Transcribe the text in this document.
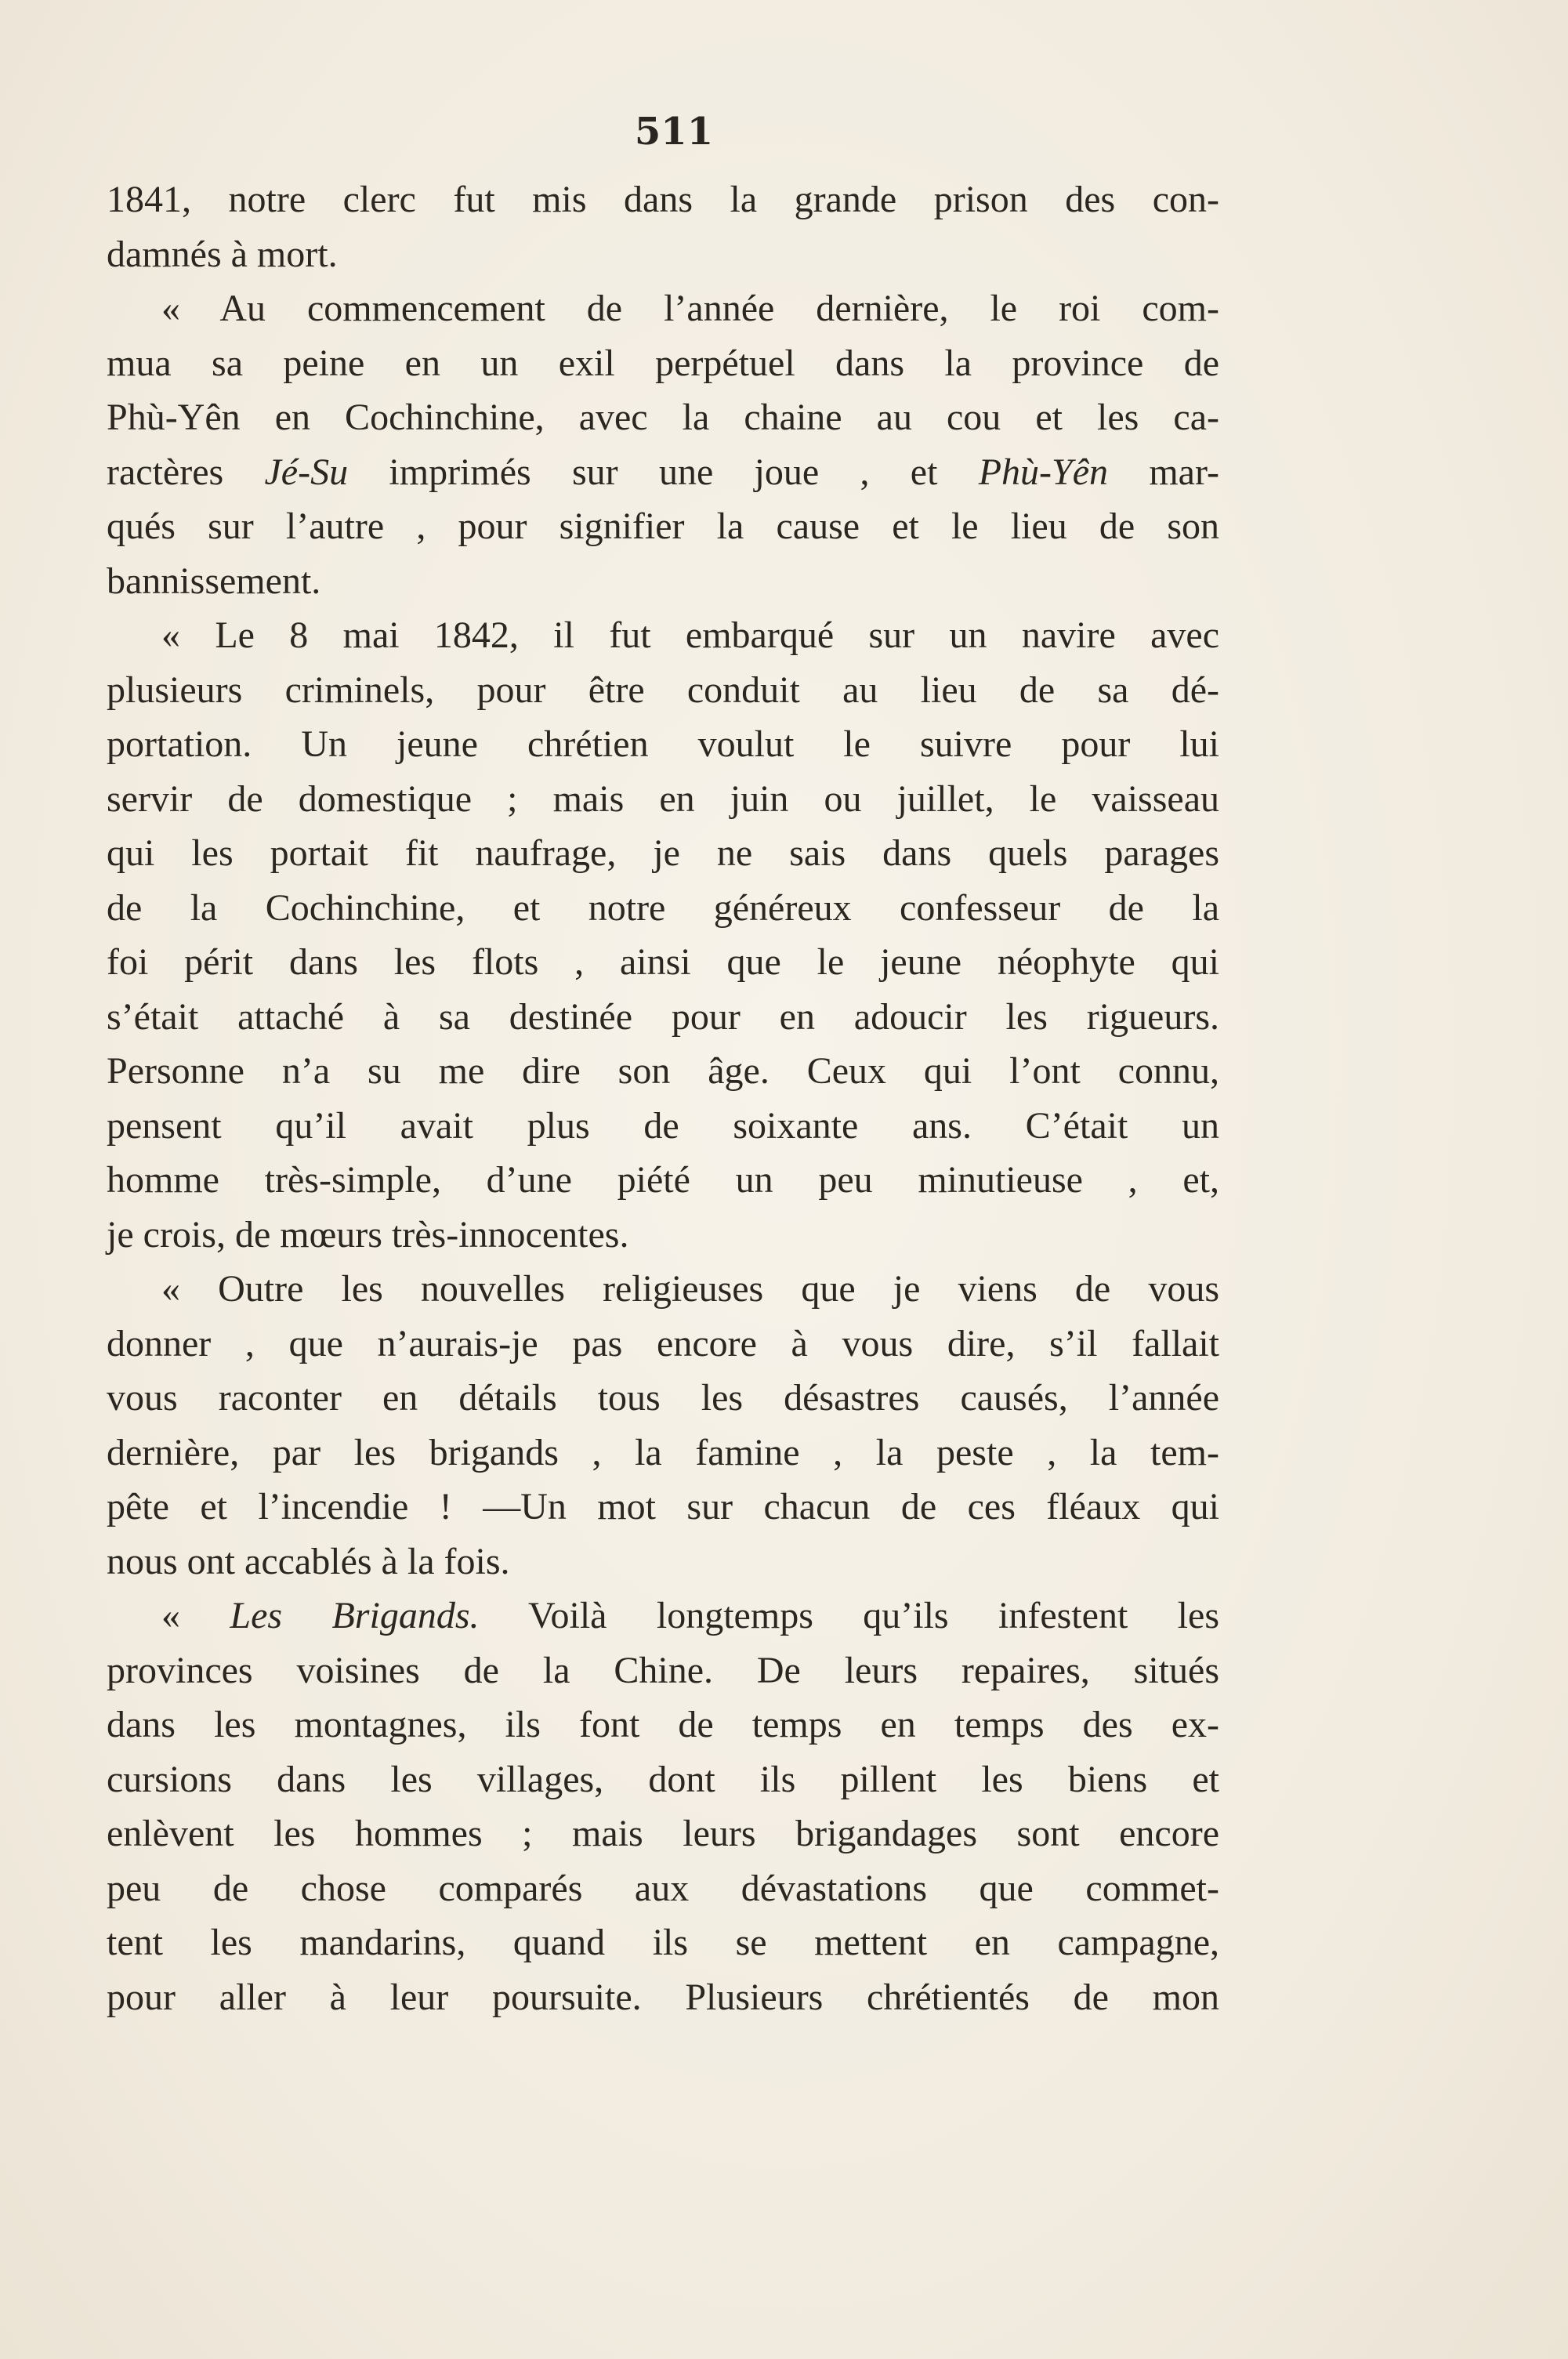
511
1841, notre clerc fut mis dans la grande prison des con-
damnés à mort.
« Au commencement de l’année dernière, le roi com-
mua sa peine en un exil perpétuel dans la province de
Phù-Yên en Cochinchine, avec la chaine au cou et les ca-
ractères Jé-Su imprimés sur une joue , et Phù-Yên mar-
qués sur l’autre , pour signifier la cause et le lieu de son
bannissement.
« Le 8 mai 1842, il fut embarqué sur un navire avec
plusieurs criminels, pour être conduit au lieu de sa dé-
portation. Un jeune chrétien voulut le suivre pour lui
servir de domestique ; mais en juin ou juillet, le vaisseau
qui les portait fit naufrage, je ne sais dans quels parages
de la Cochinchine, et notre généreux confesseur de la
foi périt dans les flots , ainsi que le jeune néophyte qui
s’était attaché à sa destinée pour en adoucir les rigueurs.
Personne n’a su me dire son âge. Ceux qui l’ont connu,
pensent qu’il avait plus de soixante ans. C’était un
homme très-simple, d’une piété un peu minutieuse , et,
je crois, de mœurs très-innocentes.
« Outre les nouvelles religieuses que je viens de vous
donner , que n’aurais-je pas encore à vous dire, s’il fallait
vous raconter en détails tous les désastres causés, l’année
dernière, par les brigands , la famine , la peste , la tem-
pête et l’incendie ! —Un mot sur chacun de ces fléaux qui
nous ont accablés à la fois.
« Les Brigands. Voilà longtemps qu’ils infestent les
provinces voisines de la Chine. De leurs repaires, situés
dans les montagnes, ils font de temps en temps des ex-
cursions dans les villages, dont ils pillent les biens et
enlèvent les hommes ; mais leurs brigandages sont encore
peu de chose comparés aux dévastations que commet-
tent les mandarins, quand ils se mettent en campagne,
pour aller à leur poursuite. Plusieurs chrétientés de mon
